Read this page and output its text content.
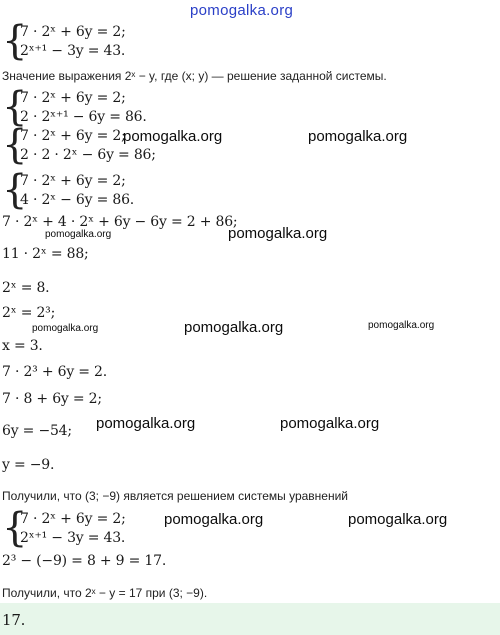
pomogalka.org
{
7 · 2ˣ + 6y = 2;
2ˣ⁺¹ − 3y = 43.
Значение выражения 2ˣ − y, где (x; y) — решение заданной системы.
{
7 · 2ˣ + 6y = 2;
2 · 2ˣ⁺¹ − 6y = 86.
{
7 · 2ˣ + 6y = 2;
2 · 2 · 2ˣ − 6y = 86;
pomogalka.org	pomogalka.org
{
7 · 2ˣ + 6y = 2;
4 · 2ˣ − 6y = 86.
7 · 2ˣ + 4 · 2ˣ + 6y − 6y = 2 + 86;
pomogalka.org	pomogalka.org
11 · 2ˣ = 88;
2ˣ = 8.
2ˣ = 2³;
pomogalka.org	pomogalka.org	pomogalka.org
x = 3.
7 · 2³ + 6y = 2.
7 · 8 + 6y = 2;
6y = −54; pomogalka.org	pomogalka.org
y = −9.
Получили, что (3; −9) является решением системы уравнений
{
7 · 2ˣ + 6y = 2;
2ˣ⁺¹ − 3y = 43.
pomogalka.org	pomogalka.org
2³ − (−9) = 8 + 9 = 17.
Получили, что 2ˣ − y = 17 при (3; −9).
17.
